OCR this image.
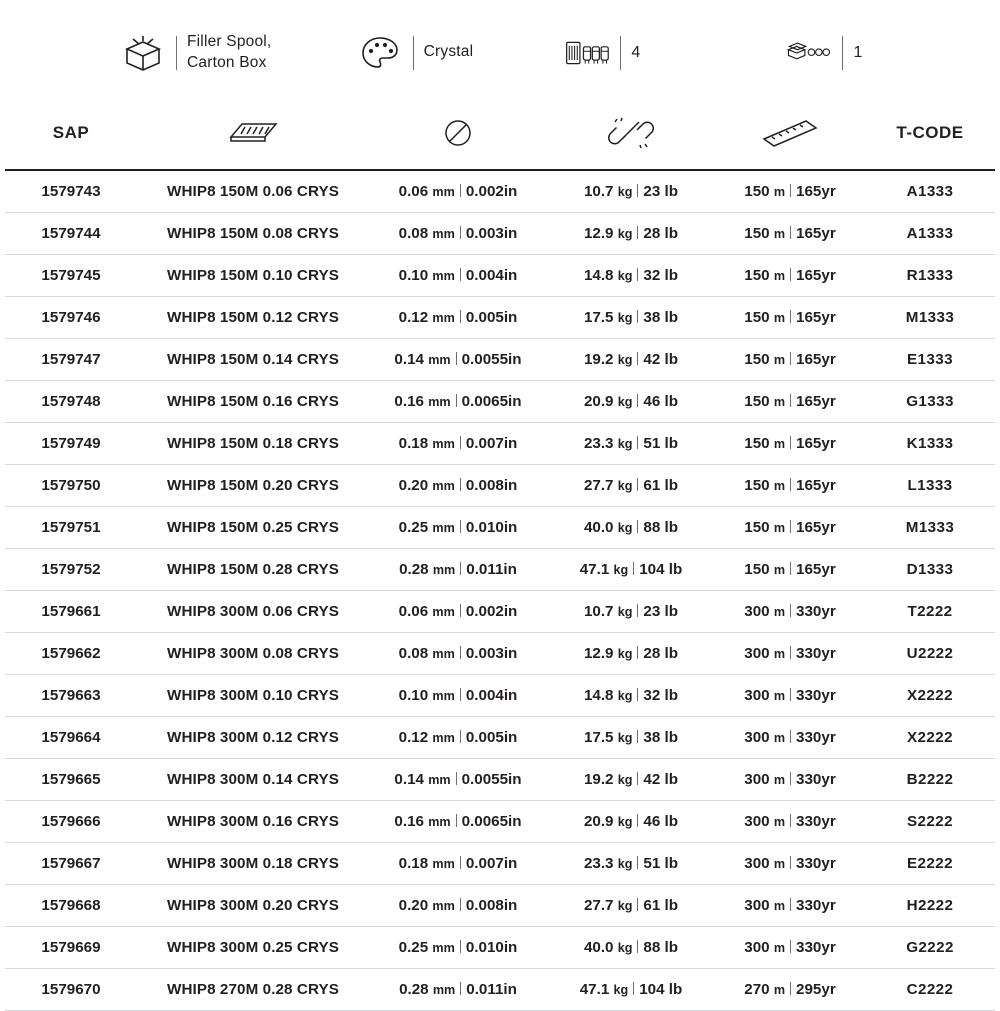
Filler Spool,
Carton Box
Crystal	4	1
SAP					T-CODE
1579743	WHIP8 150M 0.06 CRYS	0.06 mm 0.002in	10.7 kg 23 lb	150 m 165yr	A1333
1579744	WHIP8 150M 0.08 CRYS	0.08 mm 0.003in	12.9 kg 28 lb	150 m 165yr	A1333
1579745	WHIP8 150M 0.10 CRYS	0.10 mm 0.004in	14.8 kg 32 lb	150 m 165yr	R1333
1579746	WHIP8 150M 0.12 CRYS	0.12 mm 0.005in	17.5 kg 38 lb	150 m 165yr	M1333
1579747	WHIP8 150M 0.14 CRYS	0.14 mm 0.0055in	19.2 kg 42 lb	150 m 165yr	E1333
1579748	WHIP8 150M 0.16 CRYS	0.16 mm 0.0065in	20.9 kg 46 lb	150 m 165yr	G1333
1579749	WHIP8 150M 0.18 CRYS	0.18 mm 0.007in	23.3 kg 51 lb	150 m 165yr	K1333
1579750	WHIP8 150M 0.20 CRYS	0.20 mm 0.008in	27.7 kg 61 lb	150 m 165yr	L1333
1579751	WHIP8 150M 0.25 CRYS	0.25 mm 0.010in	40.0 kg 88 lb	150 m 165yr	M1333
1579752	WHIP8 150M 0.28 CRYS	0.28 mm 0.011in	47.1 kg 104 lb	150 m 165yr	D1333
1579661	WHIP8 300M 0.06 CRYS	0.06 mm 0.002in	10.7 kg 23 lb	300 m 330yr	T2222
1579662	WHIP8 300M 0.08 CRYS	0.08 mm 0.003in	12.9 kg 28 lb	300 m 330yr	U2222
1579663	WHIP8 300M 0.10 CRYS	0.10 mm 0.004in	14.8 kg 32 lb	300 m 330yr	X2222
1579664	WHIP8 300M 0.12 CRYS	0.12 mm 0.005in	17.5 kg 38 lb	300 m 330yr	X2222
1579665	WHIP8 300M 0.14 CRYS	0.14 mm 0.0055in	19.2 kg 42 lb	300 m 330yr	B2222
1579666	WHIP8 300M 0.16 CRYS	0.16 mm 0.0065in	20.9 kg 46 lb	300 m 330yr	S2222
1579667	WHIP8 300M 0.18 CRYS	0.18 mm 0.007in	23.3 kg 51 lb	300 m 330yr	E2222
1579668	WHIP8 300M 0.20 CRYS	0.20 mm 0.008in	27.7 kg 61 lb	300 m 330yr	H2222
1579669	WHIP8 300M 0.25 CRYS	0.25 mm 0.010in	40.0 kg 88 lb	300 m 330yr	G2222
1579670	WHIP8 270M 0.28 CRYS	0.28 mm 0.011in	47.1 kg 104 lb	270 m 295yr	C2222
